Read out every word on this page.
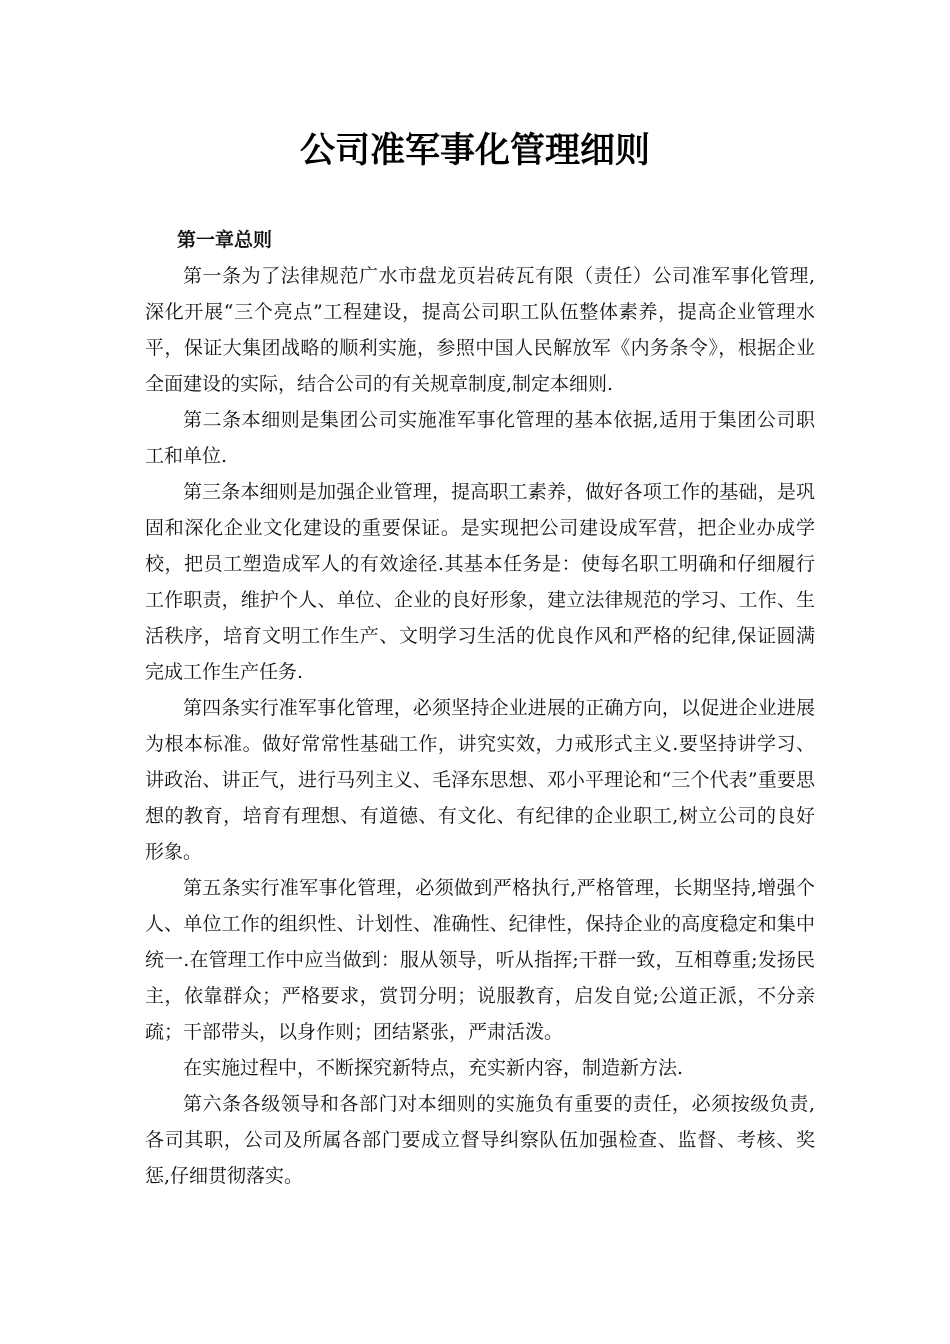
公司准军事化管理细则

第一章总则

第一条为了法律规范广水市盘龙页岩砖瓦有限（责任）公司准军事化管理,深化开展“三个亮点”工程建设，提高公司职工队伍整体素养，提高企业管理水平，保证大集团战略的顺利实施，参照中国人民解放军《内务条令》，根据企业全面建设的实际，结合公司的有关规章制度,制定本细则.

第二条本细则是集团公司实施准军事化管理的基本依据,适用于集团公司职工和单位.

第三条本细则是加强企业管理，提高职工素养，做好各项工作的基础，是巩固和深化企业文化建设的重要保证。是实现把公司建设成军营，把企业办成学校，把员工塑造成军人的有效途径.其基本任务是：使每名职工明确和仔细履行工作职责，维护个人、单位、企业的良好形象，建立法律规范的学习、工作、生活秩序，培育文明工作生产、文明学习生活的优良作风和严格的纪律,保证圆满完成工作生产任务.

第四条实行准军事化管理，必须坚持企业进展的正确方向，以促进企业进展为根本标准。做好常常性基础工作，讲究实效，力戒形式主义.要坚持讲学习、讲政治、讲正气，进行马列主义、毛泽东思想、邓小平理论和“三个代表”重要思想的教育，培育有理想、有道德、有文化、有纪律的企业职工,树立公司的良好形象。

第五条实行准军事化管理，必须做到严格执行,严格管理，长期坚持,增强个人、单位工作的组织性、计划性、准确性、纪律性，保持企业的高度稳定和集中统一.在管理工作中应当做到：服从领导，听从指挥;干群一致，互相尊重;发扬民主，依靠群众；严格要求，赏罚分明；说服教育，启发自觉;公道正派，不分亲疏；干部带头，以身作则；团结紧张，严肃活泼。

在实施过程中，不断探究新特点，充实新内容，制造新方法.

第六条各级领导和各部门对本细则的实施负有重要的责任，必须按级负责,各司其职，公司及所属各部门要成立督导纠察队伍加强检查、监督、考核、奖惩,仔细贯彻落实。
